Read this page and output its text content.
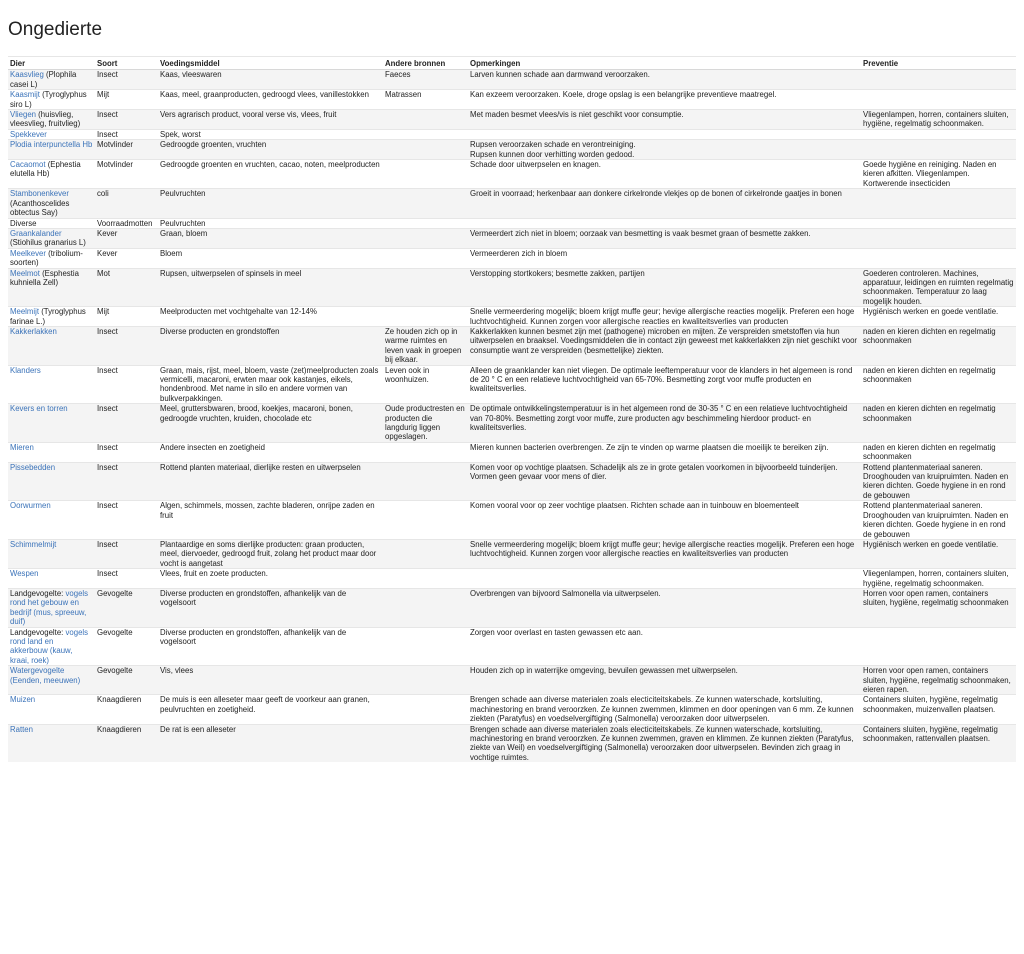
Ongedierte
Dier	Soort	Voedingsmiddel	Andere bronnen	Opmerkingen	Preventie
Kaasvlieg (Plophila casei L)	Insect	Kaas, vleeswaren	Faeces	Larven kunnen schade aan darmwand veroorzaken.	
Kaasmijt (Tyroglyphus siro L)	Mijt	Kaas, meel, graanproducten, gedroogd vlees, vanillestokken	Matrassen	Kan exzeem veroorzaken. Koele, droge opslag is een belangrijke preventieve maatregel.	
Vliegen (huisvlieg, vleesvlieg, fruitvlieg)	Insect	Vers agrarisch product, vooral verse vis, vlees, fruit		Met maden besmet vlees/vis is niet geschikt voor consumptie.	Vliegenlampen, horren, containers sluiten, hygiëne, regelmatig schoonmaken.
Spekkever	Insect	Spek, worst			
Plodia interpunctella Hb	Motvlinder	Gedroogde groenten, vruchten		Rupsen veroorzaken schade en verontreiniging.
Rupsen kunnen door verhitting worden gedood.	

Cacaomot (Ephestia elutella Hb)	Motvlinder	Gedroogde groenten en vruchten, cacao, noten, meelproducten		Schade door uitwerpselen en knagen.	Goede hygiëne en reiniging. Naden en kieren afkitten. Vliegenlampen. Kortwerende insecticiden
Stambonenkever (Acanthoscelides obtectus Say)	coli	Peulvruchten		Groeit in voorraad; herkenbaar aan donkere cirkelronde vlekjes op de bonen of cirkelronde gaatjes in bonen	
Diverse	Voorraadmotten	Peulvruchten			
Graankalander (Stiohilus granarius L)	Kever	Graan, bloem		Vermeerdert zich niet in bloem; oorzaak van besmetting is vaak besmet graan of besmette zakken.	
Meelkever (tribolium-soorten)	Kever	Bloem		Vermeerderen zich in bloem	
Meelmot (Esphestia kuhniella Zell)	Mot	Rupsen, uitwerpselen of spinsels in meel		Verstopping stortkokers; besmette zakken, partijen	Goederen controleren. Machines, apparatuur, leidingen en ruimten regelmatig schoonmaken. Temperatuur zo laag mogelijk houden.
Meelmijt (Tyroglyphus farinae L.)	Mijt	Meelproducten met vochtgehalte van 12-14%		Snelle vermeerdering mogelijk; bloem krijgt muffe geur; hevige allergische reacties mogelijk. Preferen een hoge luchtvochtigheid. Kunnen zorgen voor allergische reacties en kwaliteitsverlies van producten	Hygiënisch werken en goede ventilatie.
Kakkerlakken	Insect	Diverse producten en grondstoffen	Ze houden zich op in warme ruimtes en leven vaak in groepen bij elkaar.	Kakkerlakken kunnen besmet zijn met (pathogene) microben en mijten. Ze verspreiden smetstoffen via hun uitwerpselen en braaksel. Voedingsmiddelen die in contact zijn geweest met kakkerlakken zijn niet geschikt voor consumptie want ze verspreiden (besmettelijke) ziekten.	naden en kieren dichten en regelmatig schoonmaken
Klanders	Insect	Graan, mais, rijst, meel, bloem, vaste (zet)meelproducten zoals vermicelli, macaroni, erwten maar ook kastanjes, eikels, hondenbrood. Met name in silo en andere vormen van bulkverpakkingen.	Leven ook in woonhuizen.	Alleen de graanklander kan niet vliegen. De optimale leeftemperatuur voor de klanders in het algemeen is rond de 20 ° C en een relatieve luchtvochtigheid van 65-70%. Besmetting zorgt voor muffe producten en kwaliteitsverlies.	naden en kieren dichten en regelmatig schoonmaken
Kevers en torren	Insect	Meel, gruttersbwaren, brood, koekjes, macaroni, bonen, gedroogde vruchten, kruiden, chocolade etc	Oude productresten en producten die langdurig liggen opgeslagen.	De optimale ontwikkelingstemperatuur is in het algemeen rond de 30-35 ° C en een relatieve luchtvochtigheid van 70-80%. Besmetting zorgt voor muffe, zure producten agv beschimmeling hierdoor product- en kwaliteitsverlies.	naden en kieren dichten en regelmatig schoonmaken
Mieren	Insect	Andere insecten en zoetigheid		Mieren kunnen bacterien overbrengen. Ze zijn te vinden op warme plaatsen die moeilijk te bereiken zijn.	naden en kieren dichten en regelmatig schoonmaken
Pissebedden	Insect	Rottend planten materiaal, dierlijke resten en uitwerpselen		Komen voor op vochtige plaatsen. Schadelijk als ze in grote getalen voorkomen in bijvoorbeeld tuinderijen. Vormen geen gevaar voor mens of dier.	Rottend plantenmateriaal saneren. Drooghouden van kruipruimten. Naden en kieren dichten. Goede hygiene in en rond de gebouwen
Oorwurmen	Insect	Algen, schimmels, mossen, zachte bladeren, onrijpe zaden en fruit		Komen vooral voor op zeer vochtige plaatsen. Richten schade aan in tuinbouw en bloementeelt	Rottend plantenmateriaal saneren. Drooghouden van kruipruimten. Naden en kieren dichten. Goede hygiene in en rond de gebouwen
Schimmelmijt	Insect	Plantaardige en soms dierlijke producten: graan producten, meel, diervoeder, gedroogd fruit, zolang het product maar door vocht is aangetast		Snelle vermeerdering mogelijk; bloem krijgt muffe geur; hevige allergische reacties mogelijk. Preferen een hoge luchtvochtigheid. Kunnen zorgen voor allergische reacties en kwaliteitsverlies van producten	Hygiënisch werken en goede ventilatie.
Wespen	Insect	Vlees, fruit en zoete producten.			Vliegenlampen, horren, containers sluiten, hygiëne, regelmatig schoonmaken.
Landgevogelte: vogels rond het gebouw en bedrijf (mus, spreeuw, duif)	Gevogelte	Diverse producten en grondstoffen, afhankelijk van de vogelsoort		Overbrengen van bijvoord Salmonella via uitwerpselen.	Horren voor open ramen, containers sluiten, hygiëne, regelmatig schoonmaken
Landgevogelte: vogels rond land en akkerbouw (kauw, kraai, roek)	Gevogelte	Diverse producten en grondstoffen, afhankelijk van de vogelsoort		Zorgen voor overlast en tasten gewassen etc aan.	
Watergevogelte (Eenden, meeuwen)	Gevogelte	Vis, vlees		Houden zich op in waterrijke omgeving, bevuilen gewassen met uitwerpselen.	Horren voor open ramen, containers sluiten, hygiëne, regelmatig schoonmaken, eieren rapen.
Muizen	Knaagdieren	De muis is een alleseter maar geeft de voorkeur aan granen, peulvruchten en zoetigheid.		Brengen schade aan diverse materialen zoals electiciteitskabels. Ze kunnen waterschade, kortsluiting, machinestoring en brand veroorzken. Ze kunnen zwemmen, klimmen en door openingen van 6 mm. Ze kunnen ziekten (Paratyfus) en voedselvergiftiging (Salmonella) veroorzaken door uitwerpselen.	Containers sluiten, hygiëne, regelmatig schoonmaken, muizenvallen plaatsen.
Ratten	Knaagdieren	De rat is een alleseter		Brengen schade aan diverse materialen zoals electiciteitskabels. Ze kunnen waterschade, kortsluiting, machinestoring en brand veroorzken. Ze kunnen zwemmen, graven en klimmen. Ze kunnen ziekten (Paratyfus, ziekte van Weil) en voedselvergiftiging (Salmonella) veroorzaken door uitwerpselen. Bevinden zich graag in vochtige ruimtes.	Containers sluiten, hygiëne, regelmatig schoonmaken, rattenvallen plaatsen.
